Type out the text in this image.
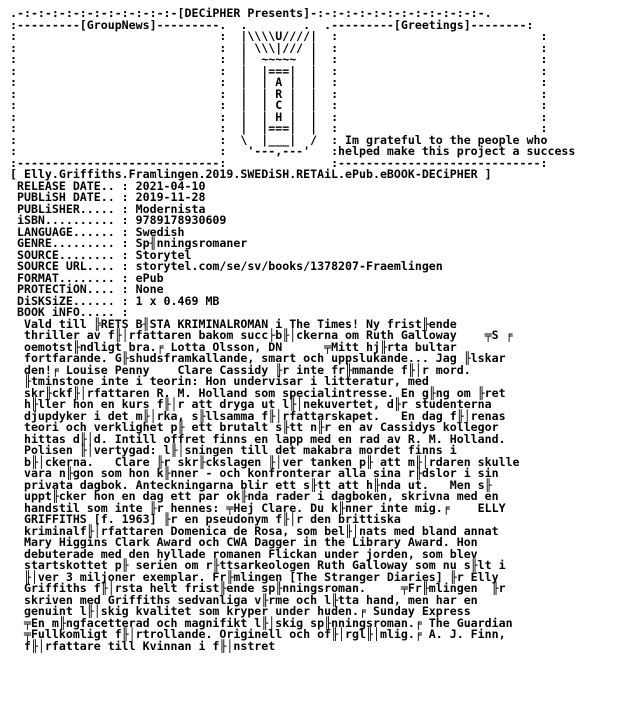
.-:-:-:-:-:-:-:-:-:-:-:-[DECiPHER Presents]-:-:-:-:-:-:-:-:-:-:-:-:-.
:---------[GroupNews]---------.  .        .  .---------[Greetings]--------:
:                             :  |\\\\U////|  :                             :
:                             :  | \\\|/// |  :                             :
:                             :  |  ~~~~~  |  :                             :
:                             :  |  |===|  |  :                             :
:                             :  |  | A |  |  :                             :
:                             :  |  | R |  |  :                             :
:                             :  |  | C |  |  :                             :
:                             :  |  | H |  |  :                             :
:                             :  |  |===|  |  :                             :
:                             :  \  |___|  /  : Im grateful to the people who
:                             :   '---,---'   :helped make this project a success
:-----------------------------:               :-----------------------------:
[ Elly.Griffiths.Framlingen.2019.SWEDiSH.RETAiL.ePub.eBOOK-DECiPHER ]
RELEASE DATE.. : 2021-04-10
PUBLiSH DATE.. : 2019-11-28
PUBLiSHER..... : Modernista
iSBN.......... : 9789178930609
LANGUAGE...... : Swedish
GENRE......... : Sp╢nningsromaner
SOURCE........ : Storytel
SOURCE URL.... : storytel.com/se/sv/books/1378207-Fraemlingen
FORMAT........ : ePub
PROTECTiON.... : None
DiSKSiZE...... : 1 x 0.469 MB
BOOK iNFO..... :
Vald till ╠RETS B╢STA KRIMINALROMAN i The Times! Ny frist╟ende
thriller av f╟│rfattaren bakom succ├b╟│ckerna om Ruth Galloway    ╤S ╒
oemotst╟ndligt bra.╒ Lotta Olsson, DN      ╤Mitt hj╟rta bultar
fortfarande. G╟shudsframkallande, smart och uppslukande... Jag ╟lskar
den!╒ Louise Penny    Clare Cassidy ╟r inte fr╟mmande f╟│r mord.
╟tminstone inte i teorin: Hon undervisar i litteratur, med
skr╟ckf╟│rfattaren R. M. Holland som specialintresse. En g╟ng om ╟ret
h╟ller hon en kurs f╟│r att dryga ut l╟│nekuvertet, d╟r studenterna
djupdyker i det m╟│rka, s╟llsamma f╟│rfattarskapet.   En dag f╟│renas
teori och verklighet p╟ ett brutalt s╟tt n╟r en av Cassidys kollegor
hittas d╟│d. Intill offret finns en lapp med en rad av R. M. Holland.
Polisen ╟│vertygad: l╟│sningen till det makabra mordet finns i
b╟│ckerna.   Clare ╟r skr╟ckslagen ╟│ver tanken p╟ att m╟│rdaren skulle
vara n╟gon som hon k╟nner - och konfronterar alla sina r╟dslor i sin
privata dagbok. Anteckningarna blir ett s╟tt att h╟nda ut.   Men s╟
uppt╟cker hon en dag ett par ok╟nda rader i dagboken, skrivna med en
handstil som inte ╟r hennes: ╤Hej Clare. Du k╟nner inte mig.╒    ELLY
GRIFFITHS [f. 1963] ╟r en pseudonym f╟│r den brittiska
kriminalf╟│rfattaren Domenica de Rosa, som bel╟│nats med bland annat
Mary Higgins Clark Award och CWA Dagger in the Library Award. Hon
debuterade med den hyllade romanen Flickan under jorden, som blev
startskottet p╟ serien om r╟ttsarkeologen Ruth Galloway som nu s╟lt i
╟│ver 3 miljoner exemplar. Fr╟mlingen [The Stranger Diaries] ╟r Elly
Griffiths f╟│rsta helt frist╟ende sp╟nningsroman.     ╤Fr╟mlingen  ╟r
skriven med Griffiths sedvanliga v╟rme och l╟tta hand, men har en
genuint l╟│skig kvalitet som kryper under huden.╒ Sunday Express
╤En m╟ngfacetterad och magnifikt l╟│skig sp╟nningsroman.╒ The Guardian
╤Fullkomligt f╟│rtrollande. Originell och of╟│rgl╟│mlig.╒ A. J. Finn,
f╟│rfattare till Kvinnan i f╟│nstret
